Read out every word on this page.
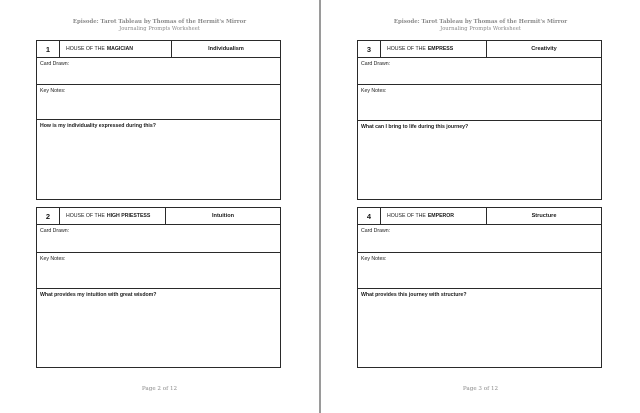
Episode: Tarot Tableau by Thomas of the Hermit's Mirror
Journaling Prompts Worksheet
1	HOUSE OF THE MAGICIAN	Individualism
Card Drawn:
Key Notes:
How is my individuality expressed during this?
2	HOUSE OF THE HIGH PRIESTESS	Intuition
Card Drawn:
Key Notes:
What provides my intuition with great wisdom?
Page 2 of 12
Episode: Tarot Tableau by Thomas of the Hermit's Mirror
Journaling Prompts Worksheet
3	HOUSE OF THE EMPRESS	Creativity
Card Drawn:
Key Notes:
What can I bring to life during this journey?
4	HOUSE OF THE EMPEROR	Structure
Card Drawn:
Key Notes:
What provides this journey with structure?
Page 3 of 12
